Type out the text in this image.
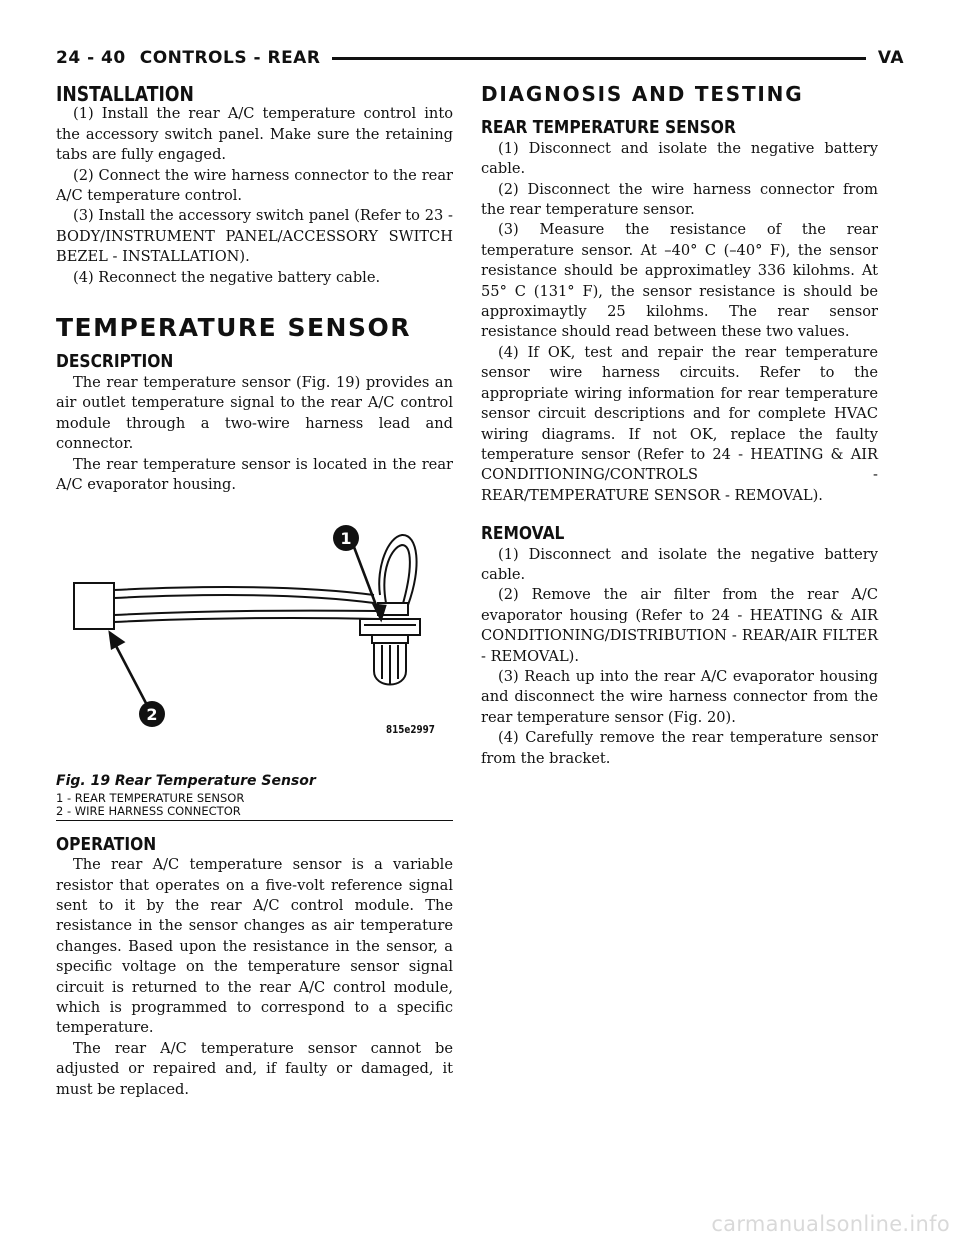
24 - 40 CONTROLS - REAR	VA
INSTALLATION

(1) Install the rear A/C temperature control into the accessory switch panel. Make sure the retaining tabs are fully engaged.

(2) Connect the wire harness connector to the rear A/C temperature control.

(3) Install the accessory switch panel (Refer to 23 - BODY/INSTRUMENT PANEL/ACCESSORY SWITCH BEZEL - INSTALLATION).

(4) Reconnect the negative battery cable.

TEMPERATURE SENSOR
DESCRIPTION

The rear temperature sensor (Fig. 19) provides an air outlet temperature signal to the rear A/C control module through a two-wire harness lead and connector.

The rear temperature sensor is located in the rear A/C evaporator housing.

1
2
815e2997
Fig. 19 Rear Temperature Sensor
1 - REAR TEMPERATURE SENSOR
2 - WIRE HARNESS CONNECTOR
OPERATION

The rear A/C temperature sensor is a variable resistor that operates on a five-volt reference signal sent to it by the rear A/C control module. The resistance in the sensor changes as air temperature changes. Based upon the resistance in the sensor, a specific voltage on the temperature sensor signal circuit is returned to the rear A/C control module, which is programmed to correspond to a specific temperature.

The rear A/C temperature sensor cannot be adjusted or repaired and, if faulty or damaged, it must be replaced.

DIAGNOSIS AND TESTING
REAR TEMPERATURE SENSOR

(1) Disconnect and isolate the negative battery cable.

(2) Disconnect the wire harness connector from the rear temperature sensor.

(3) Measure the resistance of the rear temperature sensor. At –40° C (–40° F), the sensor resistance should be approximatley 336 kilohms. At 55° C (131° F), the sensor resistance is should be approximaytly 25 kilohms. The rear sensor resistance should read between these two values.

(4) If OK, test and repair the rear temperature sensor wire harness circuits. Refer to the appropriate wiring information for rear temperature sensor circuit descriptions and for complete HVAC wiring diagrams. If not OK, replace the faulty temperature sensor (Refer to 24 - HEATING & AIR CONDITIONING/CONTROLS - REAR/TEMPERATURE SENSOR - REMOVAL).

REMOVAL

(1) Disconnect and isolate the negative battery cable.

(2) Remove the air filter from the rear A/C evaporator housing (Refer to 24 - HEATING & AIR CONDITIONING/DISTRIBUTION - REAR/AIR FILTER - REMOVAL).

(3) Reach up into the rear A/C evaporator housing and disconnect the wire harness connector from the rear temperature sensor (Fig. 20).

(4) Carefully remove the rear temperature sensor from the bracket.

carmanualsonline.info
